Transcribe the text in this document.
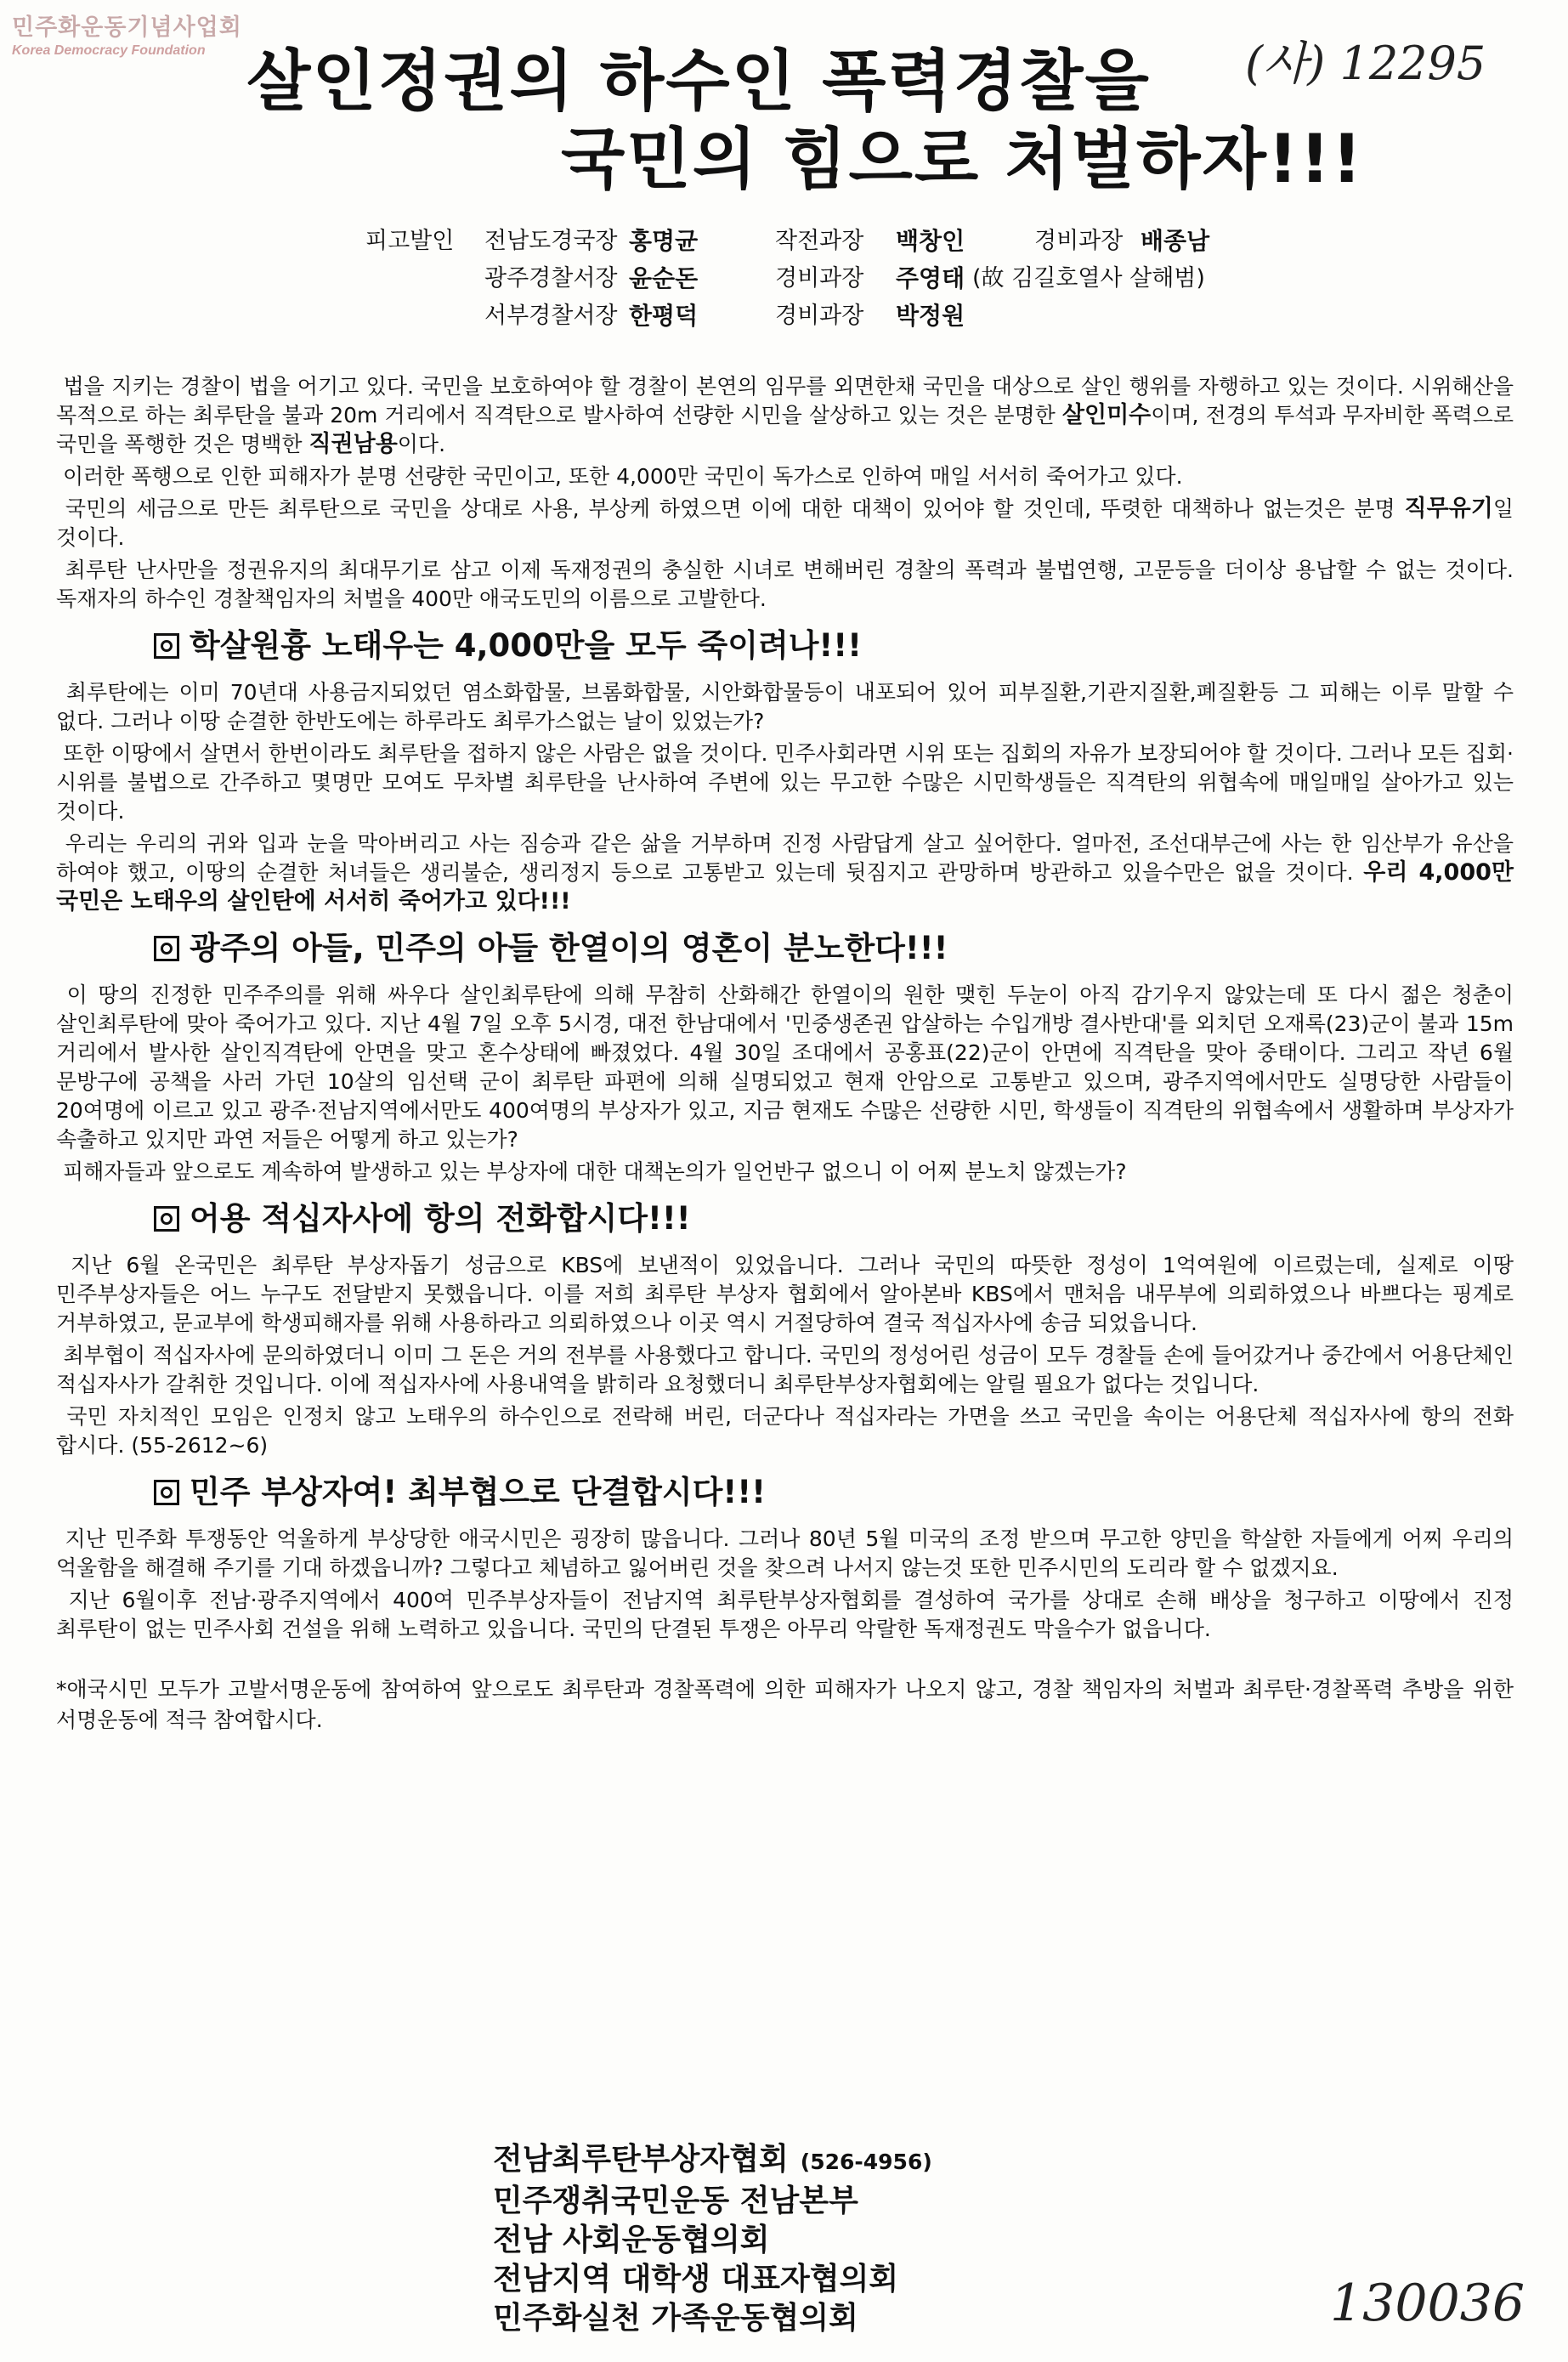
민주화운동기념사업회
Korea Democracy Foundation	(사) 12295
살인정권의 하수인 폭력경찰을
국민의 힘으로 처벌하자!!!
피고발인 전남도경국장 홍명균	작전과장 백창인	경비과장 배종남
광주경찰서장 윤순돈	경비과장 주영태 (故 김길호열사 살해범)
서부경찰서장 한평덕	경비과장 박정원

법을 지키는 경찰이 법을 어기고 있다. 국민을 보호하여야 할 경찰이 본연의 임무를 외면한채 국민을 대상으로 살인 행위를 자행하고 있는 것이다. 시위해산을 목적으로 하는 최루탄을 불과 20m 거리에서 직격탄으로 발사하여 선량한 시민을 살상하고 있는 것은 분명한 살인미수이며, 전경의 투석과 무자비한 폭력으로 국민을 폭행한 것은 명백한 직권남용이다.

이러한 폭행으로 인한 피해자가 분명 선량한 국민이고, 또한 4,000만 국민이 독가스로 인하여 매일 서서히 죽어가고 있다.

국민의 세금으로 만든 최루탄으로 국민을 상대로 사용, 부상케 하였으면 이에 대한 대책이 있어야 할 것인데, 뚜렷한 대책하나 없는것은 분명 직무유기일 것이다.

최루탄 난사만을 정권유지의 최대무기로 삼고 이제 독재정권의 충실한 시녀로 변해버린 경찰의 폭력과 불법연행, 고문등을 더이상 용납할 수 없는 것이다. 독재자의 하수인 경찰책임자의 처벌을 400만 애국도민의 이름으로 고발한다.

학살원흉 노태우는 4,000만을 모두 죽이려나!!!

최루탄에는 이미 70년대 사용금지되었던 염소화합물, 브롬화합물, 시안화합물등이 내포되어 있어 피부질환,기관지질환,폐질환등 그 피해는 이루 말할 수 없다. 그러나 이땅 순결한 한반도에는 하루라도 최루가스없는 날이 있었는가?

또한 이땅에서 살면서 한번이라도 최루탄을 접하지 않은 사람은 없을 것이다. 민주사회라면 시위 또는 집회의 자유가 보장되어야 할 것이다. 그러나 모든 집회·시위를 불법으로 간주하고 몇명만 모여도 무차별 최루탄을 난사하여 주변에 있는 무고한 수많은 시민학생들은 직격탄의 위협속에 매일매일 살아가고 있는 것이다.

우리는 우리의 귀와 입과 눈을 막아버리고 사는 짐승과 같은 삶을 거부하며 진정 사람답게 살고 싶어한다. 얼마전, 조선대부근에 사는 한 임산부가 유산을 하여야 했고, 이땅의 순결한 처녀들은 생리불순, 생리정지 등으로 고통받고 있는데 뒷짐지고 관망하며 방관하고 있을수만은 없을 것이다. 우리 4,000만 국민은 노태우의 살인탄에 서서히 죽어가고 있다!!!

광주의 아들, 민주의 아들 한열이의 영혼이 분노한다!!!

이 땅의 진정한 민주주의를 위해 싸우다 살인최루탄에 의해 무참히 산화해간 한열이의 원한 맺힌 두눈이 아직 감기우지 않았는데 또 다시 젊은 청춘이 살인최루탄에 맞아 죽어가고 있다. 지난 4월 7일 오후 5시경, 대전 한남대에서 '민중생존권 압살하는 수입개방 결사반대'를 외치던 오재록(23)군이 불과 15m 거리에서 발사한 살인직격탄에 안면을 맞고 혼수상태에 빠졌었다. 4월 30일 조대에서 공홍표(22)군이 안면에 직격탄을 맞아 중태이다. 그리고 작년 6월 문방구에 공책을 사러 가던 10살의 임선택 군이 최루탄 파편에 의해 실명되었고 현재 안암으로 고통받고 있으며, 광주지역에서만도 실명당한 사람들이 20여명에 이르고 있고 광주·전남지역에서만도 400여명의 부상자가 있고, 지금 현재도 수많은 선량한 시민, 학생들이 직격탄의 위협속에서 생활하며 부상자가 속출하고 있지만 과연 저들은 어떻게 하고 있는가?

피해자들과 앞으로도 계속하여 발생하고 있는 부상자에 대한 대책논의가 일언반구 없으니 이 어찌 분노치 않겠는가?

어용 적십자사에 항의 전화합시다!!!

지난 6월 온국민은 최루탄 부상자돕기 성금으로 KBS에 보낸적이 있었읍니다. 그러나 국민의 따뜻한 정성이 1억여원에 이르렀는데, 실제로 이땅 민주부상자들은 어느 누구도 전달받지 못했읍니다. 이를 저희 최루탄 부상자 협회에서 알아본바 KBS에서 맨처음 내무부에 의뢰하였으나 바쁘다는 핑계로 거부하였고, 문교부에 학생피해자를 위해 사용하라고 의뢰하였으나 이곳 역시 거절당하여 결국 적십자사에 송금 되었읍니다.

최부협이 적십자사에 문의하였더니 이미 그 돈은 거의 전부를 사용했다고 합니다. 국민의 정성어린 성금이 모두 경찰들 손에 들어갔거나 중간에서 어용단체인 적십자사가 갈취한 것입니다. 이에 적십자사에 사용내역을 밝히라 요청했더니 최루탄부상자협회에는 알릴 필요가 없다는 것입니다.

국민 자치적인 모임은 인정치 않고 노태우의 하수인으로 전락해 버린, 더군다나 적십자라는 가면을 쓰고 국민을 속이는 어용단체 적십자사에 항의 전화 합시다. (55-2612~6)

민주 부상자여! 최부협으로 단결합시다!!!

지난 민주화 투쟁동안 억울하게 부상당한 애국시민은 굉장히 많읍니다. 그러나 80년 5월 미국의 조정 받으며 무고한 양민을 학살한 자들에게 어찌 우리의 억울함을 해결해 주기를 기대 하겠읍니까? 그렇다고 체념하고 잃어버린 것을 찾으려 나서지 않는것 또한 민주시민의 도리라 할 수 없겠지요.

지난 6월이후 전남·광주지역에서 400여 민주부상자들이 전남지역 최루탄부상자협회를 결성하여 국가를 상대로 손해 배상을 청구하고 이땅에서 진정 최루탄이 없는 민주사회 건설을 위해 노력하고 있읍니다. 국민의 단결된 투쟁은 아무리 악랄한 독재정권도 막을수가 없읍니다.

*애국시민 모두가 고발서명운동에 참여하여 앞으로도 최루탄과 경찰폭력에 의한 피해자가 나오지 않고, 경찰 책임자의 처벌과 최루탄·경찰폭력 추방을 위한 서명운동에 적극 참여합시다.

전남최루탄부상자협회 (526-4956)
민주쟁취국민운동 전남본부
전남 사회운동협의회
전남지역 대학생 대표자협의회
민주화실천 가족운동협의회	130036
